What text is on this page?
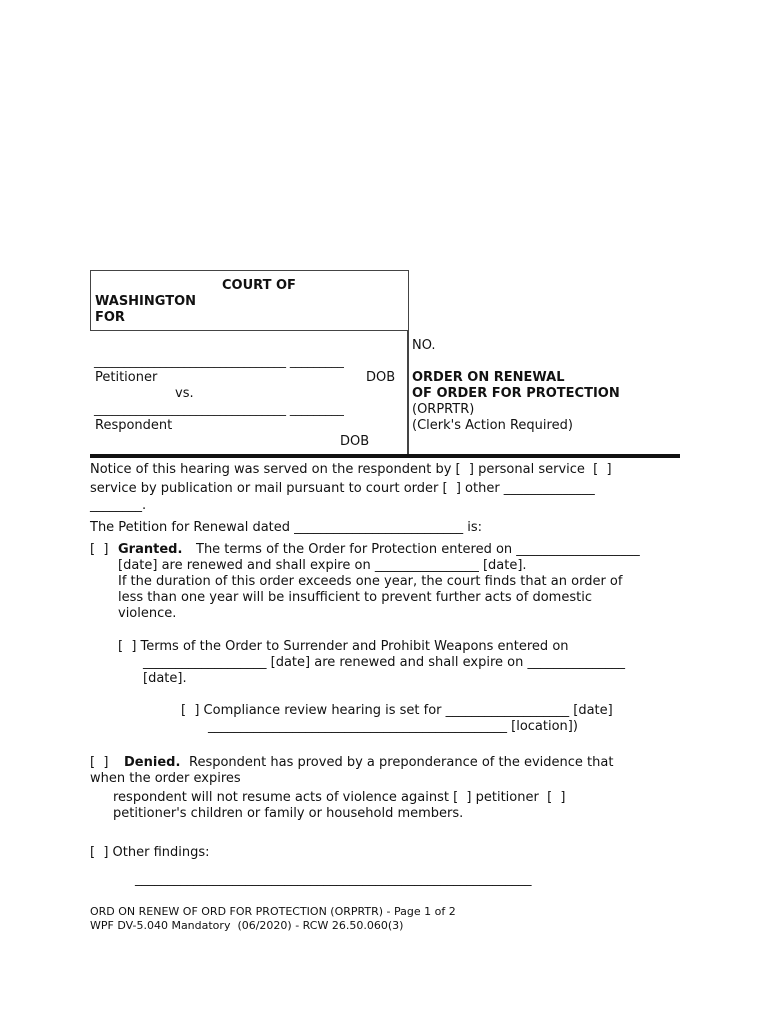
COURT OF
WASHINGTON
FOR
________________________________ _________
Petitioner	DOB
vs.
________________________________ _________
Respondent
DOB
NO.
ORDER ON RENEWAL
OF ORDER FOR PROTECTION
(ORPRTR)
(Clerk's Action Required)
Notice of this hearing was served on the respondent by [  ] personal service  [  ]
service by publication or mail pursuant to court order [  ] other ______________
________.
The Petition for Renewal dated __________________________ is:
[  ] Granted. The terms of the Order for Protection entered on ___________________
[date] are renewed and shall expire on ________________ [date].
If the duration of this order exceeds one year, the court finds that an order of
less than one year will be insufficient to prevent further acts of domestic
violence.
[  ] Terms of the Order to Surrender and Prohibit Weapons entered on
___________________ [date] are renewed and shall expire on _______________
[date].
[  ] Compliance review hearing is set for ___________________ [date]
______________________________________________ [location])
[  ] Denied. Respondent has proved by a preponderance of the evidence that
when the order expires
respondent will not resume acts of violence against [  ] petitioner  [  ]
petitioner's children or family or household members.
[  ] Other findings:
_____________________________________________________________
ORD ON RENEW OF ORD FOR PROTECTION (ORPRTR) - Page 1 of 2
WPF DV-5.040 Mandatory  (06/2020) - RCW 26.50.060(3)
